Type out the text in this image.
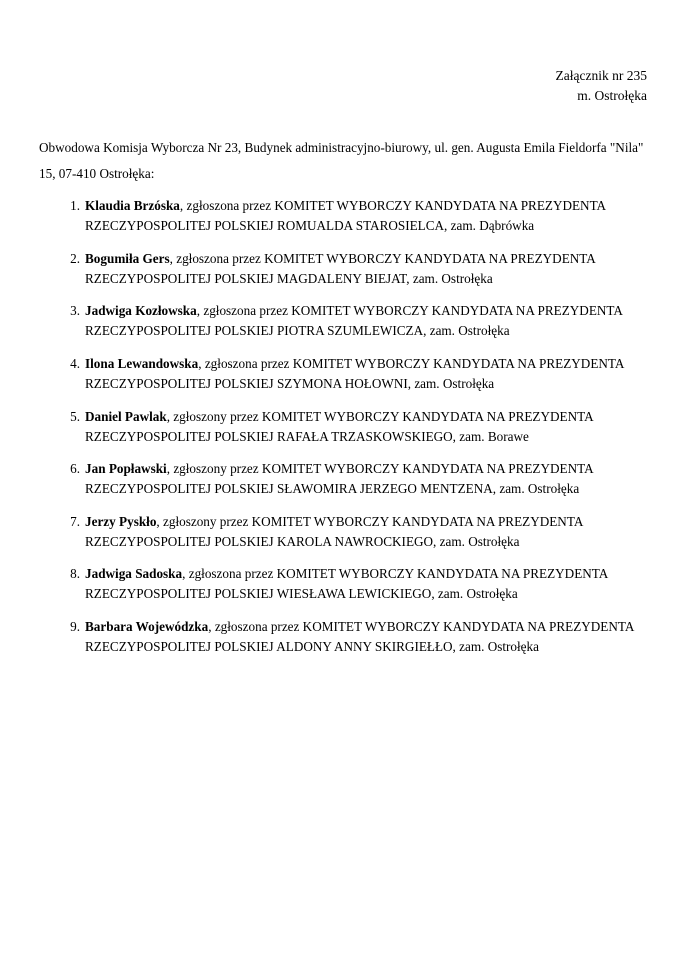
Załącznik nr 235
m. Ostrołęka

Obwodowa Komisja Wyborcza Nr 23, Budynek administracyjno-biurowy, ul. gen. Augusta Emila Fieldorfa "Nila" 15, 07-410 Ostrołęka:

1. Klaudia Brzóska, zgłoszona przez KOMITET WYBORCZY KANDYDATA NA PREZYDENTA RZECZYPOSPOLITEJ POLSKIEJ ROMUALDA STAROSIELCA, zam. Dąbrówka
2. Bogumiła Gers, zgłoszona przez KOMITET WYBORCZY KANDYDATA NA PREZYDENTA RZECZYPOSPOLITEJ POLSKIEJ MAGDALENY BIEJAT, zam. Ostrołęka
3. Jadwiga Kozłowska, zgłoszona przez KOMITET WYBORCZY KANDYDATA NA PREZYDENTA RZECZYPOSPOLITEJ POLSKIEJ PIOTRA SZUMLEWICZA, zam. Ostrołęka
4. Ilona Lewandowska, zgłoszona przez KOMITET WYBORCZY KANDYDATA NA PREZYDENTA RZECZYPOSPOLITEJ POLSKIEJ SZYMONA HOŁOWNI, zam. Ostrołęka
5. Daniel Pawlak, zgłoszony przez KOMITET WYBORCZY KANDYDATA NA PREZYDENTA RZECZYPOSPOLITEJ POLSKIEJ RAFAŁA TRZASKOWSKIEGO, zam. Borawe
6. Jan Popławski, zgłoszony przez KOMITET WYBORCZY KANDYDATA NA PREZYDENTA RZECZYPOSPOLITEJ POLSKIEJ SŁAWOMIRA JERZEGO MENTZENA, zam. Ostrołęka
7. Jerzy Pyskło, zgłoszony przez KOMITET WYBORCZY KANDYDATA NA PREZYDENTA RZECZYPOSPOLITEJ POLSKIEJ KAROLA NAWROCKIEGO, zam. Ostrołęka
8. Jadwiga Sadoska, zgłoszona przez KOMITET WYBORCZY KANDYDATA NA PREZYDENTA RZECZYPOSPOLITEJ POLSKIEJ WIESŁAWA LEWICKIEGO, zam. Ostrołęka
9. Barbara Wojewódzka, zgłoszona przez KOMITET WYBORCZY KANDYDATA NA PREZYDENTA RZECZYPOSPOLITEJ POLSKIEJ ALDONY ANNY SKIRGIEŁŁO, zam. Ostrołęka
